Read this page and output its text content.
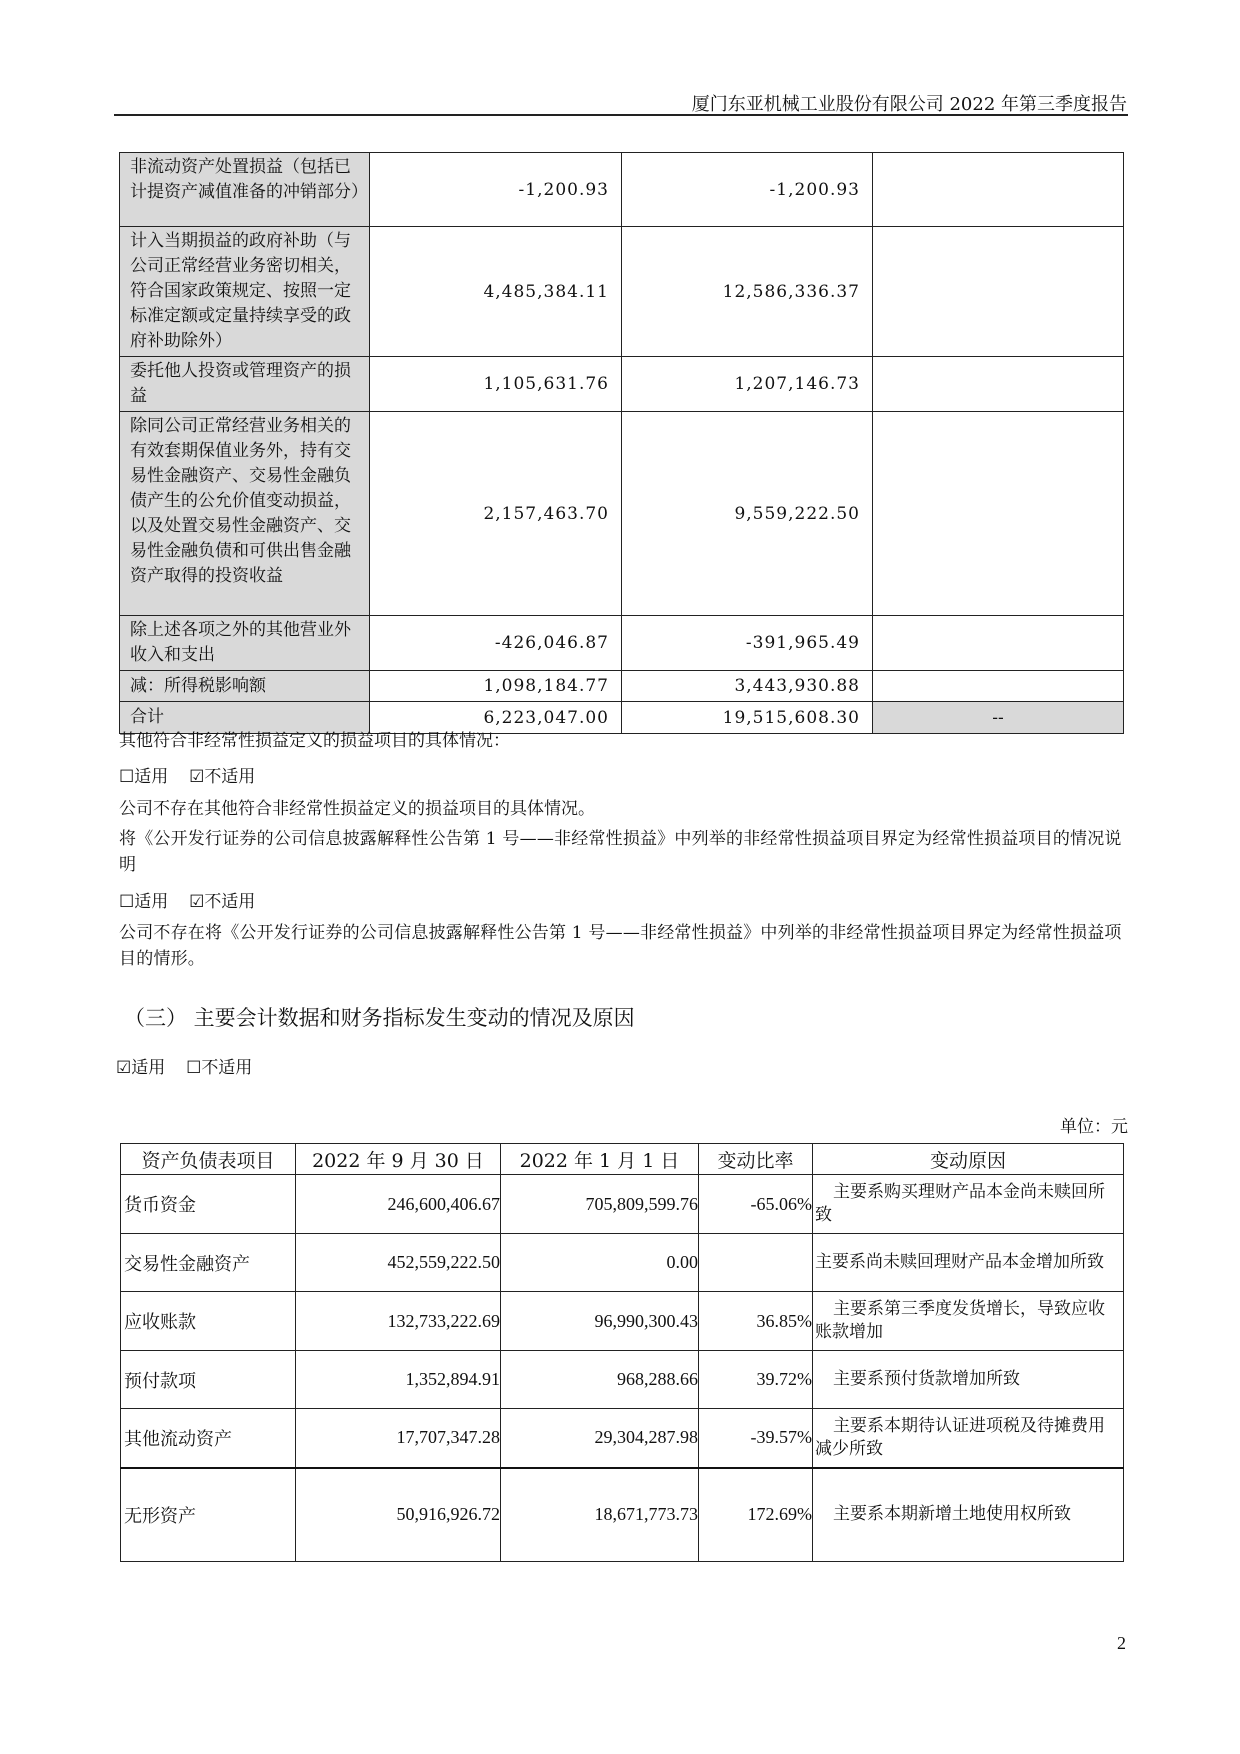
厦门东亚机械工业股份有限公司 2022 年第三季度报告
非流动资产处置损益（包括已计提资产减值准备的冲销部分）	-1,200.93	-1,200.93	
计入当期损益的政府补助（与公司正常经营业务密切相关，符合国家政策规定、按照一定标准定额或定量持续享受的政府补助除外）	4,485,384.11	12,586,336.37	
委托他人投资或管理资产的损益	1,105,631.76	1,207,146.73	
除同公司正常经营业务相关的有效套期保值业务外，持有交易性金融资产、交易性金融负债产生的公允价值变动损益，以及处置交易性金融资产、交易性金融负债和可供出售金融资产取得的投资收益	2,157,463.70	9,559,222.50	
除上述各项之外的其他营业外收入和支出	-426,046.87	-391,965.49	
减：所得税影响额	1,098,184.77	3,443,930.88	
合计	6,223,047.00	19,515,608.30	--
其他符合非经常性损益定义的损益项目的具体情况：
☐适用 ☑不适用
公司不存在其他符合非经常性损益定义的损益项目的具体情况。
将《公开发行证券的公司信息披露解释性公告第 1 号——非经常性损益》中列举的非经常性损益项目界定为经常性损益项目的情况说明
☐适用 ☑不适用
公司不存在将《公开发行证券的公司信息披露解释性公告第 1 号——非经常性损益》中列举的非经常性损益项目界定为经常性损益项目的情形。
（三） 主要会计数据和财务指标发生变动的情况及原因
☑适用 ☐不适用
单位：元
资产负债表项目	2022 年 9 月 30 日	2022 年 1 月 1 日	变动比率	变动原因
货币资金	246,600,406.67	705,809,599.76	-65.06%	主要系购买理财产品本金尚未赎回所致
交易性金融资产	452,559,222.50	0.00		主要系尚未赎回理财产品本金增加所致
应收账款	132,733,222.69	96,990,300.43	36.85%	主要系第三季度发货增长，导致应收账款增加
预付款项	1,352,894.91	968,288.66	39.72%	主要系预付货款增加所致
其他流动资产	17,707,347.28	29,304,287.98	-39.57%	主要系本期待认证进项税及待摊费用减少所致
无形资产	50,916,926.72	18,671,773.73	172.69%	主要系本期新增土地使用权所致
2
